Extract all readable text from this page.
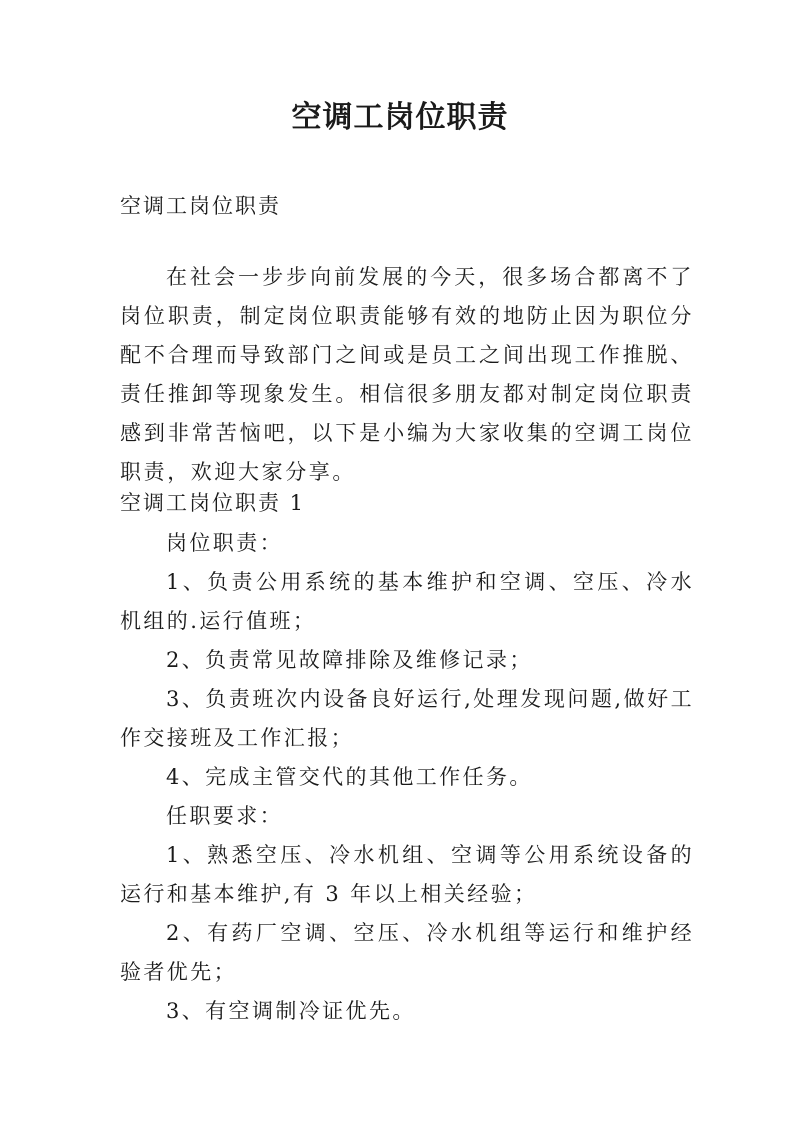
空调工岗位职责

空调工岗位职责

在社会一步步向前发展的今天，很多场合都离不了岗位职责，制定岗位职责能够有效的地防止因为职位分配不合理而导致部门之间或是员工之间出现工作推脱、责任推卸等现象发生。相信很多朋友都对制定岗位职责感到非常苦恼吧，以下是小编为大家收集的空调工岗位职责，欢迎大家分享。

空调工岗位职责 1

岗位职责：
1、负责公用系统的基本维护和空调、空压、冷水机组的.运行值班；
2、负责常见故障排除及维修记录；
3、负责班次内设备良好运行,处理发现问题,做好工作交接班及工作汇报；
4、完成主管交代的其他工作任务。
任职要求：
1、熟悉空压、冷水机组、空调等公用系统设备的运行和基本维护,有 3 年以上相关经验；
2、有药厂空调、空压、冷水机组等运行和维护经验者优先；
3、有空调制冷证优先。
